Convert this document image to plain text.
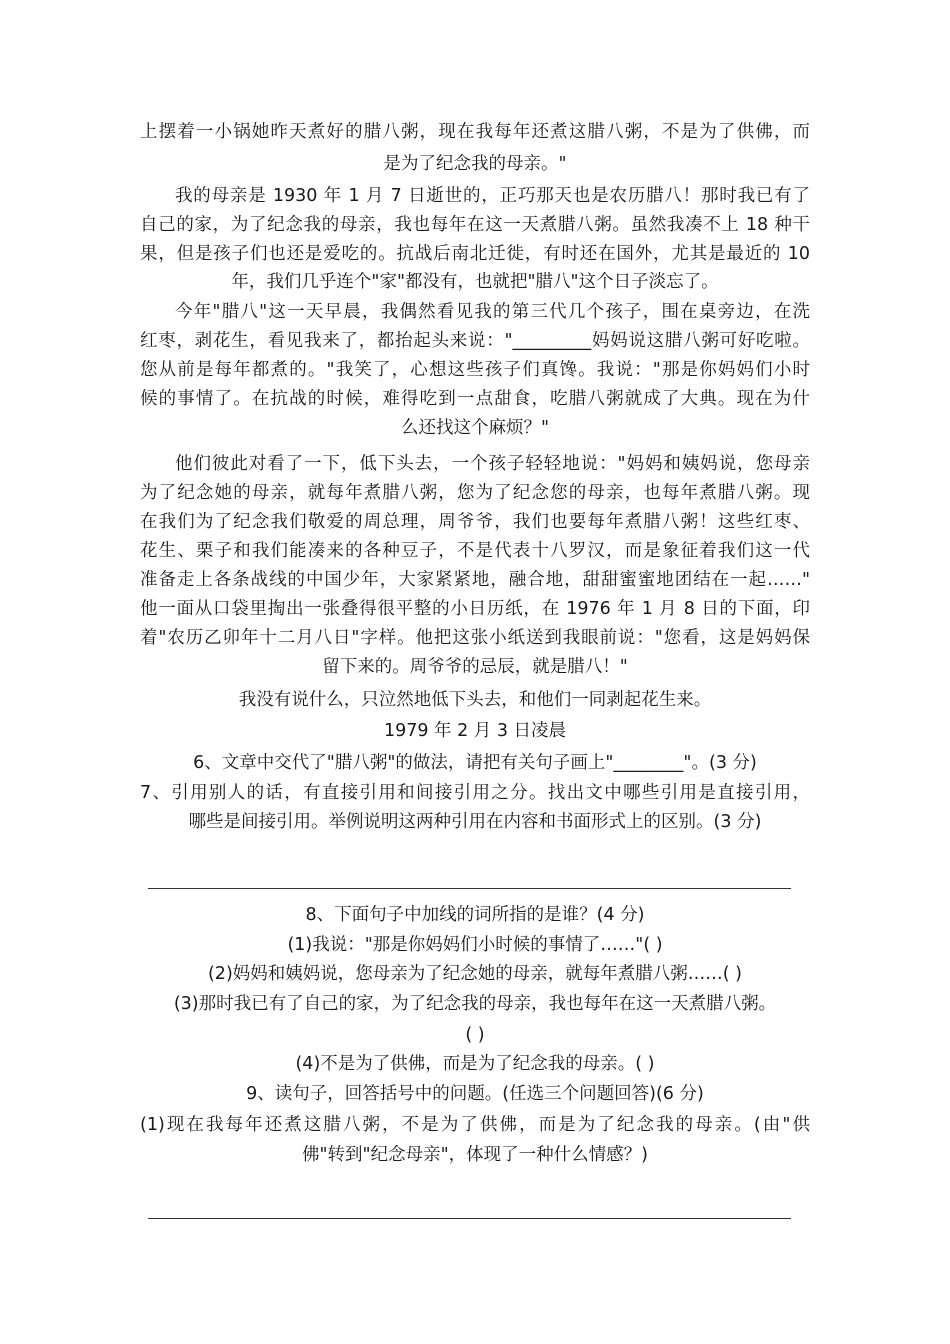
上摆着一小锅她昨天煮好的腊八粥，现在我每年还煮这腊八粥，不是为了供佛，而
是为了纪念我的母亲。"
我的母亲是 1930 年 1 月 7 日逝世的，正巧那天也是农历腊八！那时我已有了
自己的家，为了纪念我的母亲，我也每年在这一天煮腊八粥。虽然我凑不上 18 种干
果，但是孩子们也还是爱吃的。抗战后南北迁徙，有时还在国外，尤其是最近的 10
年，我们几乎连个"家"都没有，也就把"腊八"这个日子淡忘了。
今年"腊八"这一天早晨，我偶然看见我的第三代几个孩子，围在桌旁边，在洗
红枣，剥花生，看见我来了，都抬起头来说："_________妈妈说这腊八粥可好吃啦。
您从前是每年都煮的。"我笑了，心想这些孩子们真馋。我说："那是你妈妈们小时
候的事情了。在抗战的时候，难得吃到一点甜食，吃腊八粥就成了大典。现在为什
么还找这个麻烦？"
他们彼此对看了一下，低下头去，一个孩子轻轻地说："妈妈和姨妈说，您母亲
为了纪念她的母亲，就每年煮腊八粥，您为了纪念您的母亲，也每年煮腊八粥。现
在我们为了纪念我们敬爱的周总理，周爷爷，我们也要每年煮腊八粥！这些红枣、
花生、栗子和我们能凑来的各种豆子，不是代表十八罗汉，而是象征着我们这一代
准备走上各条战线的中国少年，大家紧紧地，融合地，甜甜蜜蜜地团结在一起……"
他一面从口袋里掏出一张叠得很平整的小日历纸，在 1976 年 1 月 8 日的下面，印
着"农历乙卯年十二月八日"字样。他把这张小纸送到我眼前说："您看，这是妈妈保
留下来的。周爷爷的忌辰，就是腊八！"
我没有说什么，只泣然地低下头去，和他们一同剥起花生来。
1979 年 2 月 3 日凌晨
6、文章中交代了"腊八粥"的做法，请把有关句子画上"________"。(3 分)
7、引用别人的话，有直接引用和间接引用之分。找出文中哪些引用是直接引用，
哪些是间接引用。举例说明这两种引用在内容和书面形式上的区别。(3 分)
8、下面句子中加线的词所指的是谁？(4 分)
(1)我说："那是你妈妈们小时候的事情了……"( )
(2)妈妈和姨妈说，您母亲为了纪念她的母亲，就每年煮腊八粥……( )
(3)那时我已有了自己的家，为了纪念我的母亲，我也每年在这一天煮腊八粥。
( )
(4)不是为了供佛，而是为了纪念我的母亲。( )
9、读句子，回答括号中的问题。(任选三个问题回答)(6 分)
(1)现在我每年还煮这腊八粥，不是为了供佛，而是为了纪念我的母亲。(由"供
佛"转到"纪念母亲"，体现了一种什么情感？)
